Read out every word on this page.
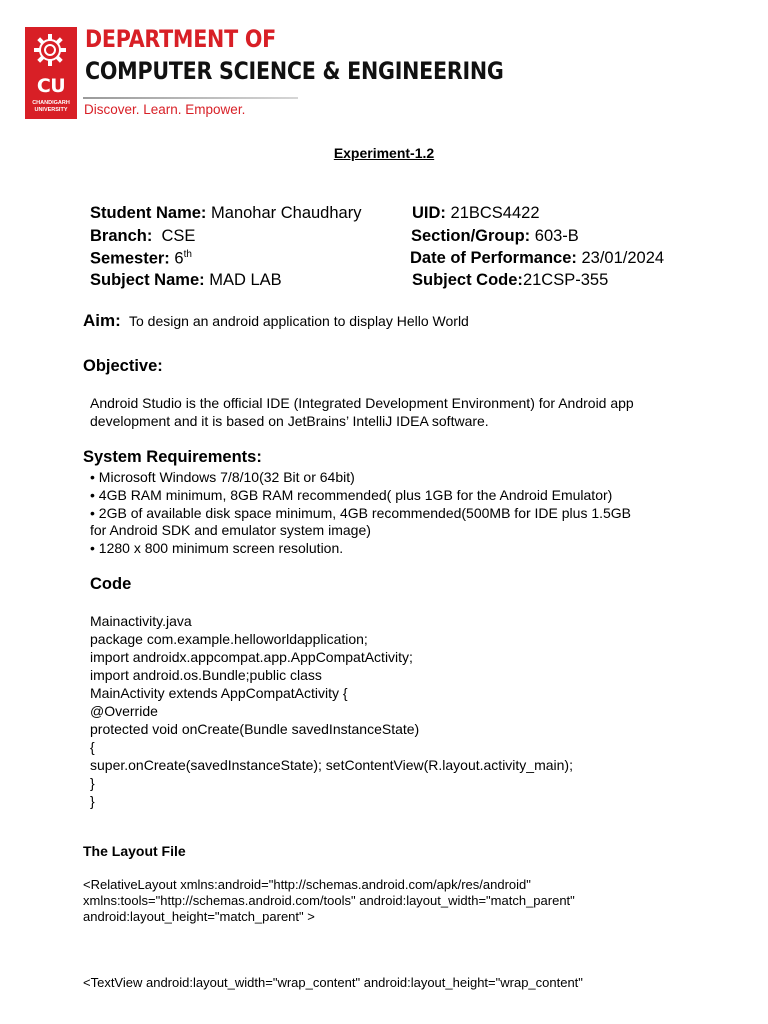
CU
CHANDIGARH
UNIVERSITY
DEPARTMENT OF
COMPUTER SCIENCE & ENGINEERING
Discover. Learn. Empower.
Experiment-1.2
Student Name: Manohar Chaudhary	UID: 21BCS4422
Branch: CSE	Section/Group: 603-B
Semester: 6th	Date of Performance: 23/01/2024
Subject Name: MAD LAB	Subject Code:21CSP-355
Aim: To design an android application to display Hello World
Objective:
Android Studio is the official IDE (Integrated Development Environment) for Android app
development and it is based on JetBrains’ IntelliJ IDEA software.
System Requirements:
• Microsoft Windows 7/8/10(32 Bit or 64bit)
• 4GB RAM minimum, 8GB RAM recommended( plus 1GB for the Android Emulator)
• 2GB of available disk space minimum, 4GB recommended(500MB for IDE plus 1.5GB
for Android SDK and emulator system image)
• 1280 x 800 minimum screen resolution.
Code
Mainactivity.java
package com.example.helloworldapplication;
import androidx.appcompat.app.AppCompatActivity;
import android.os.Bundle;public class
MainActivity extends AppCompatActivity {
@Override
protected void onCreate(Bundle savedInstanceState)
{
super.onCreate(savedInstanceState); setContentView(R.layout.activity_main);
}
}
The Layout File
<RelativeLayout xmlns:android="http://schemas.android.com/apk/res/android"
xmlns:tools="http://schemas.android.com/tools" android:layout_width="match_parent"
android:layout_height="match_parent" >
<TextView android:layout_width="wrap_content" android:layout_height="wrap_content"
